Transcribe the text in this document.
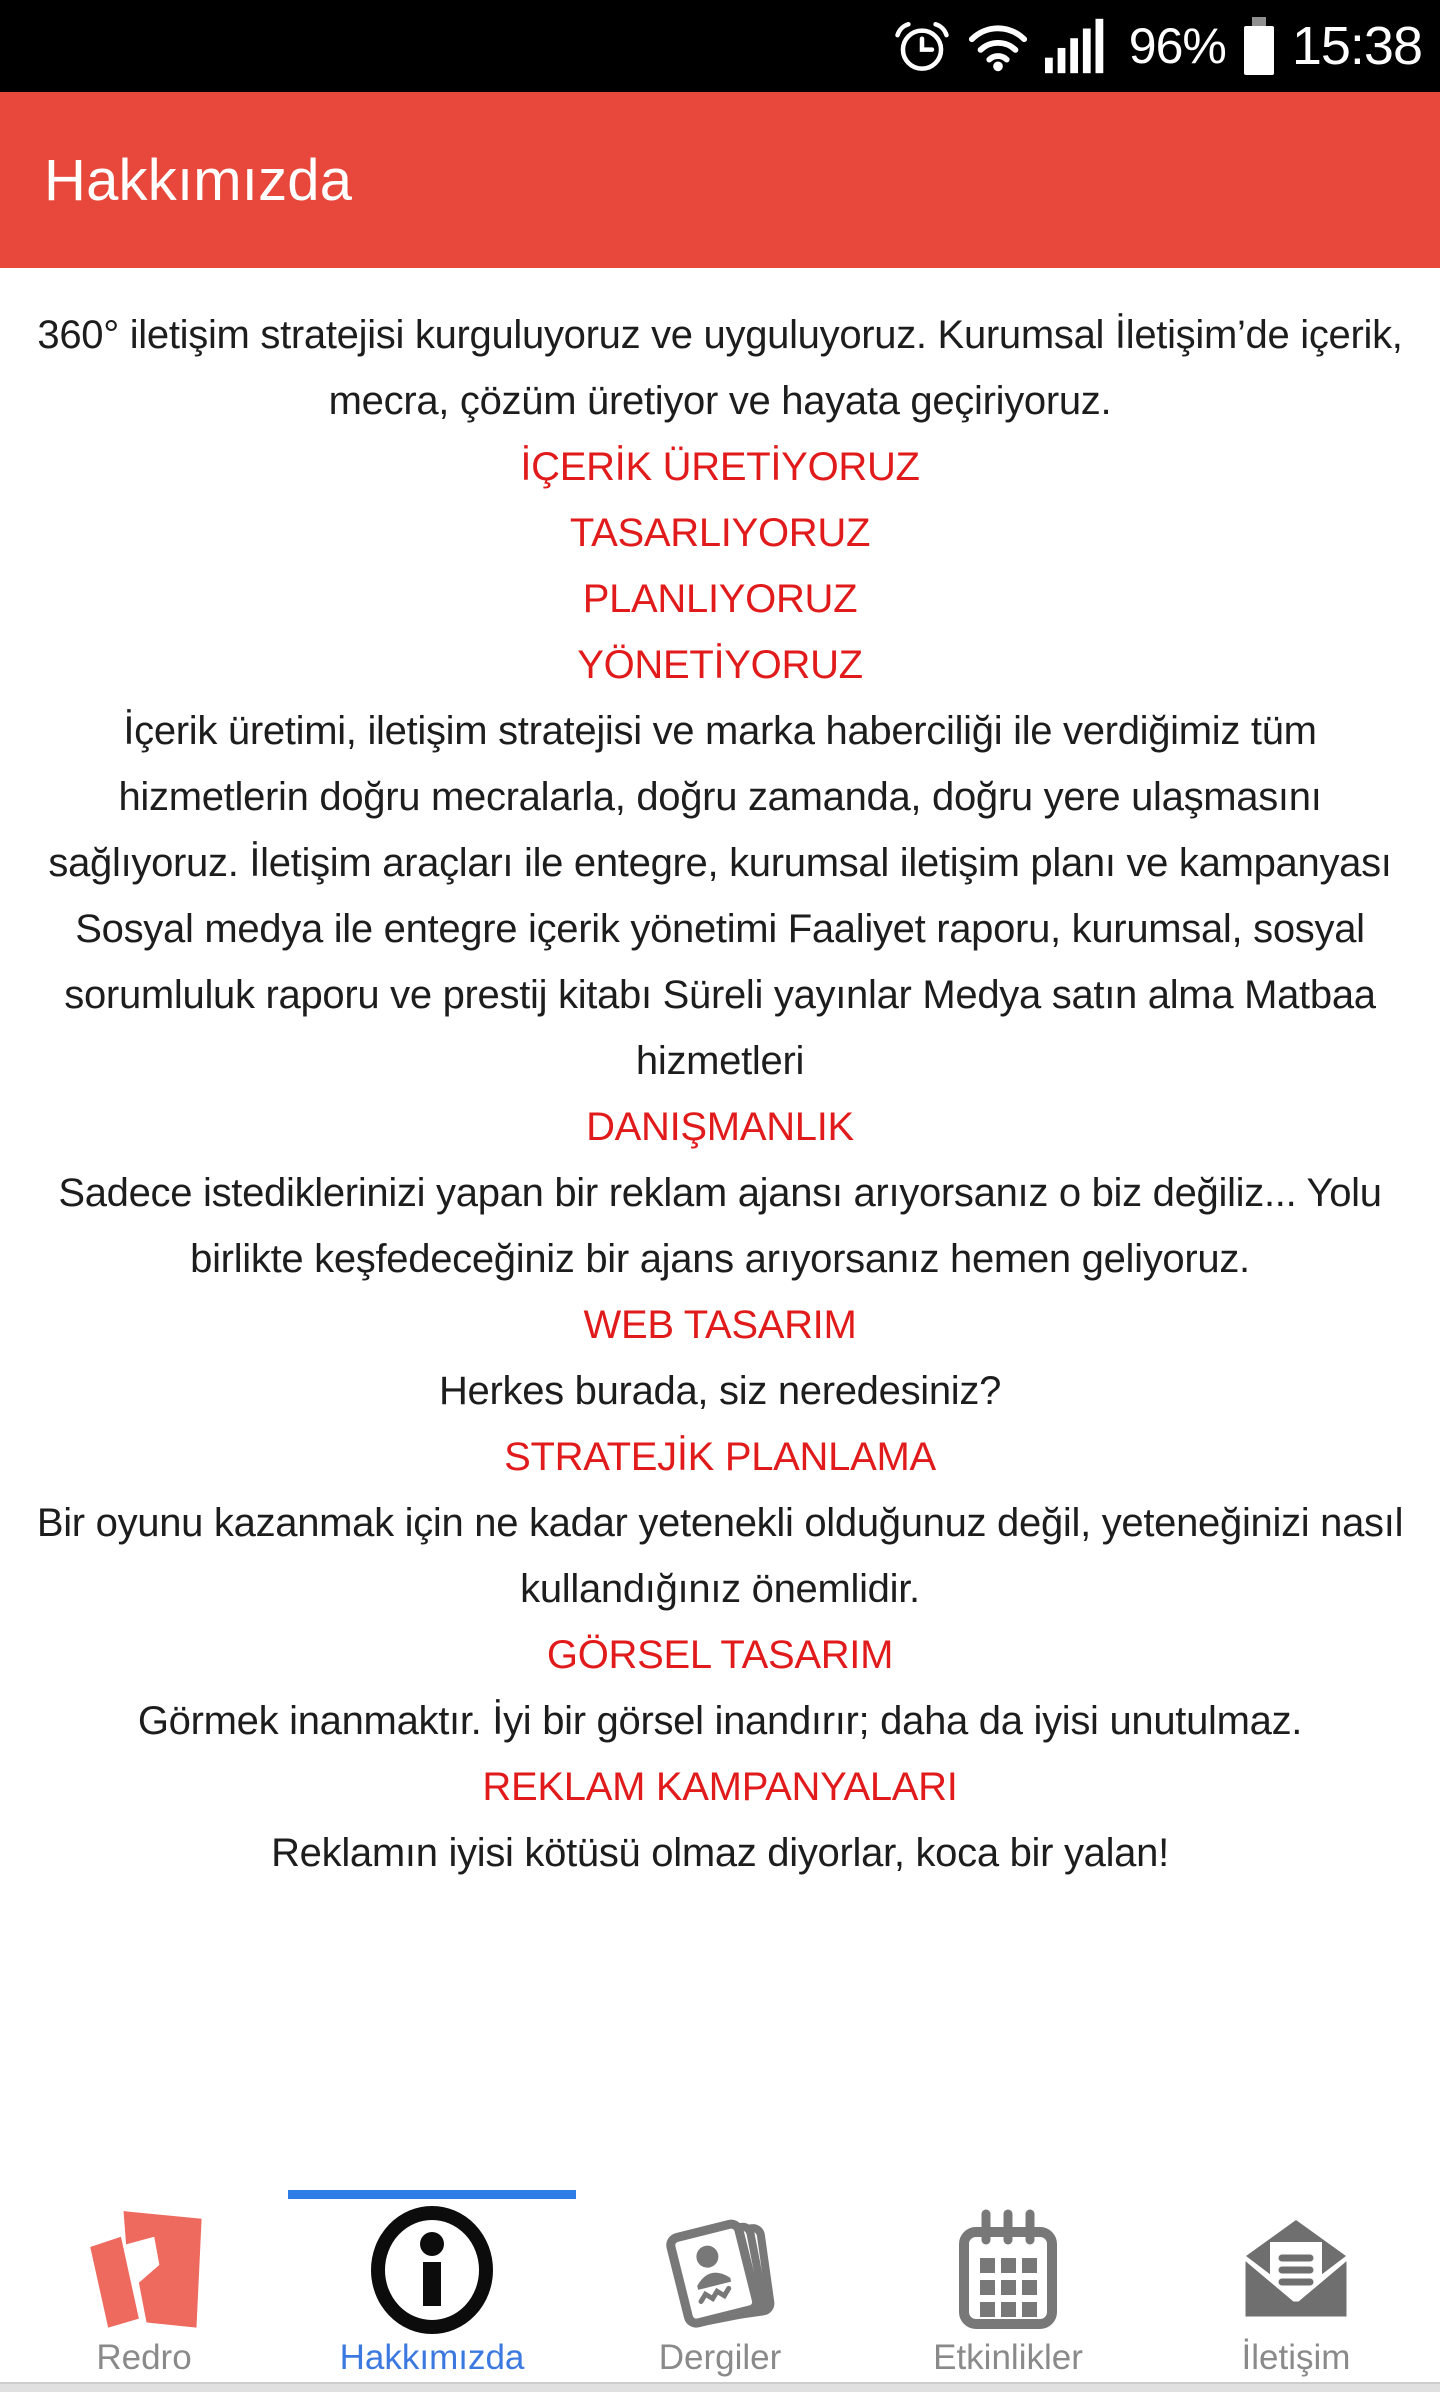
96% 15:38
Hakkımızda

360° iletişim stratejisi kurguluyoruz ve uyguluyoruz. Kurumsal İletişim’de içerik, mecra, çözüm üretiyor ve hayata geçiriyoruz.

İÇERİK ÜRETİYORUZ
TASARLIYORUZ
PLANLIYORUZ
YÖNETİYORUZ

İçerik üretimi, iletişim stratejisi ve marka haberciliği ile verdiğimiz tüm hizmetlerin doğru mecralarla, doğru zamanda, doğru yere ulaşmasını sağlıyoruz. İletişim araçları ile entegre, kurumsal iletişim planı ve kampanyası Sosyal medya ile entegre içerik yönetimi Faaliyet raporu, kurumsal, sosyal sorumluluk raporu ve prestij kitabı Süreli yayınlar Medya satın alma Matbaa hizmetleri

DANIŞMANLIK

Sadece istediklerinizi yapan bir reklam ajansı arıyorsanız o biz değiliz... Yolu birlikte keşfedeceğiniz bir ajans arıyorsanız hemen geliyoruz.

WEB TASARIM

Herkes burada, siz neredesiniz?

STRATEJİK PLANLAMA

Bir oyunu kazanmak için ne kadar yetenekli olduğunuz değil, yeteneğinizi nasıl kullandığınız önemlidir.

GÖRSEL TASARIM

Görmek inanmaktır. İyi bir görsel inandırır; daha da iyisi unutulmaz.

REKLAM KAMPANYALARI

Reklamın iyisi kötüsü olmaz diyorlar, koca bir yalan!

Redro	Hakkımızda	Dergiler	Etkinlikler	İletişim
